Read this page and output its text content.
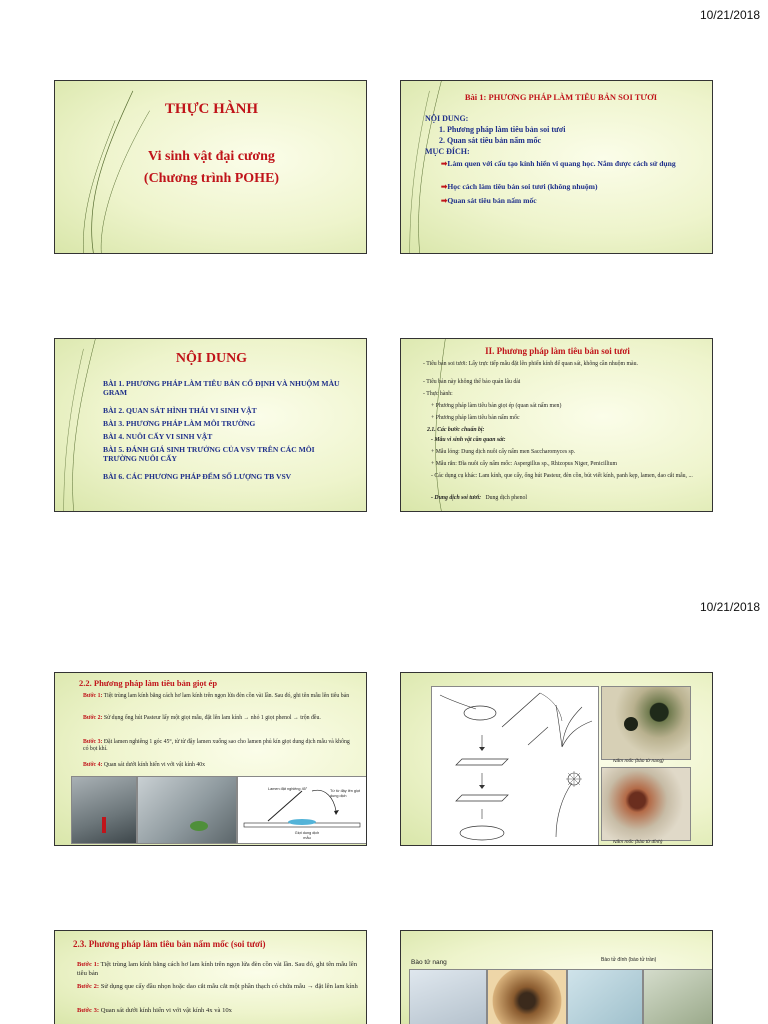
10/21/2018
10/21/2018
THỰC HÀNH
Vi sinh vật đại cương
(Chương trình POHE)
Bài 1: PHƯƠNG PHÁP LÀM TIÊU BẢN SOI TƯƠI
NỘI DUNG:
1. Phương pháp làm tiêu bản soi tươi
2. Quan sát tiêu bản nấm mốc
MỤC ĐÍCH:
➡Làm quen với cấu tạo kính hiển vi quang học. Nắm được cách sử dụng
➡Học cách làm tiêu bản soi tươi (không nhuộm)
➡Quan sát tiêu bản nấm mốc
NỘI DUNG
BÀI 1. PHƯƠNG PHÁP LÀM TIÊU BẢN CỐ ĐỊNH VÀ NHUỘM MÀU GRAM
BÀI 2. QUAN SÁT HÌNH THÁI VI SINH VẬT
BÀI 3. PHƯƠNG PHÁP LÀM MÔI TRƯỜNG
BÀI 4. NUÔI CẤY VI SINH VẬT
BÀI 5. ĐÁNH GIÁ SINH TRƯỞNG CỦA VSV TRÊN CÁC MÔI TRƯỜNG NUÔI CẤY
BÀI 6. CÁC PHƯƠNG PHÁP ĐẾM SỐ LƯỢNG TB VSV
II. Phương pháp làm tiêu bản soi tươi
- Tiêu bản soi tươi: Lấy trực tiếp mẫu đặt lên phiến kính để quan sát, không cần nhuộm màu.
- Tiêu bản này không thể bảo quản lâu dài
- Thực hành:
+ Phương pháp làm tiêu bản giọt ép (quan sát nấm men)
+ Phương pháp làm tiêu bản nấm mốc
2.1. Các bước chuẩn bị:
- Mẫu vi sinh vật cần quan sát:
+ Mẫu lỏng: Dung dịch nuôi cấy nấm men Saccharomyces sp.
+ Mẫu rắn: Đĩa nuôi cấy nấm mốc: Aspergillus sp., Rhizopus Niger, Penicillium
- Các dụng cụ khác: Lam kính, que cấy, ống hút Pasteur, đèn cồn, bút viết kính, panh kẹp, lamen, dao cắt mẫu, ...
- Dung dịch soi tươi: Dung dịch phenol
2.2. Phương pháp làm tiêu bản giọt ép
Bước 1: Tiệt trùng lam kính bằng cách hơ lam kính trên ngọn lửa đèn cồn vài lần. Sau đó, ghi tên mẫu lên tiêu bản
Bước 2: Sử dụng ống hút Pasteur lấy một giọt mẫu, đặt lên lam kính → nhỏ 1 giọt phenol → trộn đều.
Bước 3: Đặt lamen nghiêng 1 góc 45°, từ từ đậy lamen xuống sao cho lamen phủ kín giọt dung dịch mẫu và không có bọt khí.
Bước 4: Quan sát dưới kính hiển vi với vật kính 40x
Lamen đặt nghiêng 45°	Từ từ đậy lên giọt dung dịch
Giọt dung dịch mẫu
Nấm mốc (bào tử nang)
Nấm mốc (bào tử đính)
2.3. Phương pháp làm tiêu bản nấm mốc (soi tươi)
Bước 1: Tiệt trùng lam kính bằng cách hơ lam kính trên ngọn lửa đèn cồn vài lần. Sau đó, ghi tên mẫu lên tiêu bản
Bước 2: Sử dụng que cấy đầu nhọn hoặc dao cắt mẫu cắt một phần thạch có chứa mẫu → đặt lên lam kính
Bước 3: Quan sát dưới kính hiển vi với vật kính 4x và 10x
Bào tử nang	Bào tử đính (bào tử trần)
